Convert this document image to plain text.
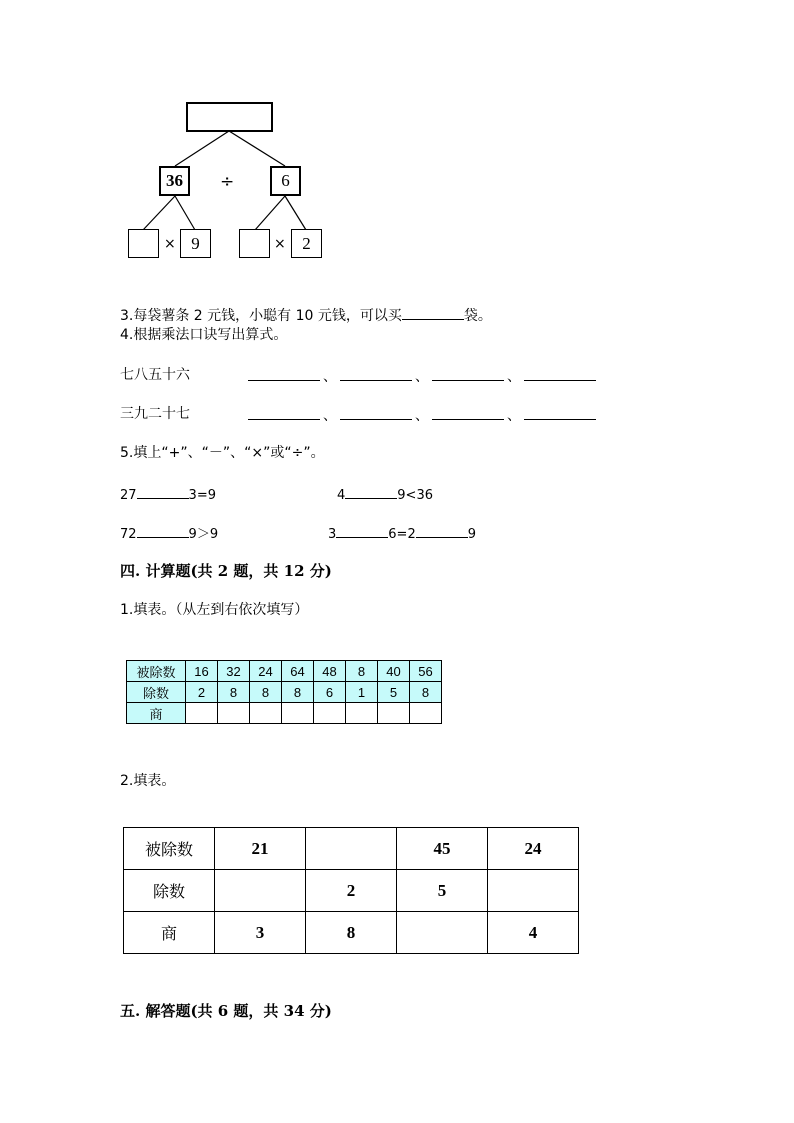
36	÷	6
× 9	× 2
3.每袋薯条 2 元钱，小聪有 10 元钱，可以买	袋。
4.根据乘法口诀写出算式。
七八五十六	、	、	、
三九二十七	、	、	、
5.填上“+”、“－”、“×”或“÷”。
27	3=9	4	9<36
72	9＞9	3	6=2	9
四. 计算题(共 2 题，共 12 分)
1.填表。（从左到右依次填写）
被除数	16	32	24	64	48	8	40	56
除数	2	8	8	8	6	1	5	8
商								
2.填表。
被除数	21		45	24
除数		2	5	
商	3	8		4
五. 解答题(共 6 题，共 34 分)
